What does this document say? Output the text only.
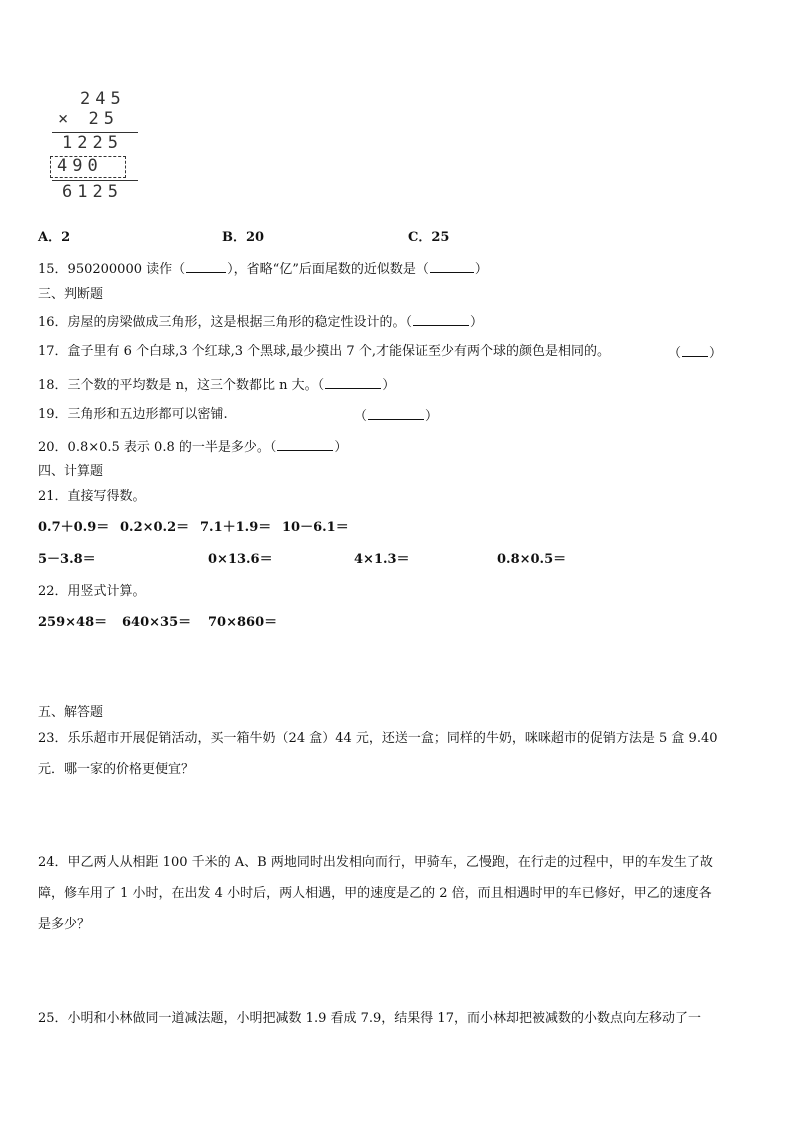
245
× 25
1225
490
6125
A．2	B．20	C．25
15．950200000 读作（	），省略“亿”后面尾数的近似数是（	）
三、判断题
16．房屋的房梁做成三角形，这是根据三角形的稳定性设计的。（	）
17．盒子里有 6 个白球,3 个红球,3 个黑球,最少摸出 7 个,才能保证至少有两个球的颜色是相同的。	（ ）
18．三个数的平均数是 n，这三个数都比 n 大。（	）
19．三角形和五边形都可以密铺.	（	）
20．0.8×0.5 表示 0.8 的一半是多少。（	）
四、计算题
21．直接写得数。
0.7＋0.9＝ 0.2×0.2＝ 7.1＋1.9＝ 10－6.1＝
5－3.8＝	0×13.6＝	4×1.3＝	0.8×0.5＝
22．用竖式计算。
259×48＝ 640×35＝ 70×860＝
五、解答题
23．乐乐超市开展促销活动，买一箱牛奶（24 盒）44 元，还送一盒；同样的牛奶，咪咪超市的促销方法是 5 盒 9.40
元．哪一家的价格更便宜？
24．甲乙两人从相距 100 千米的 A、B 两地同时出发相向而行，甲骑车，乙慢跑，在行走的过程中，甲的车发生了故
障，修车用了 1 小时，在出发 4 小时后，两人相遇，甲的速度是乙的 2 倍，而且相遇时甲的车已修好，甲乙的速度各
是多少？
25．小明和小林做同一道减法题，小明把减数 1.9 看成 7.9，结果得 17，而小林却把被减数的小数点向左移动了一
